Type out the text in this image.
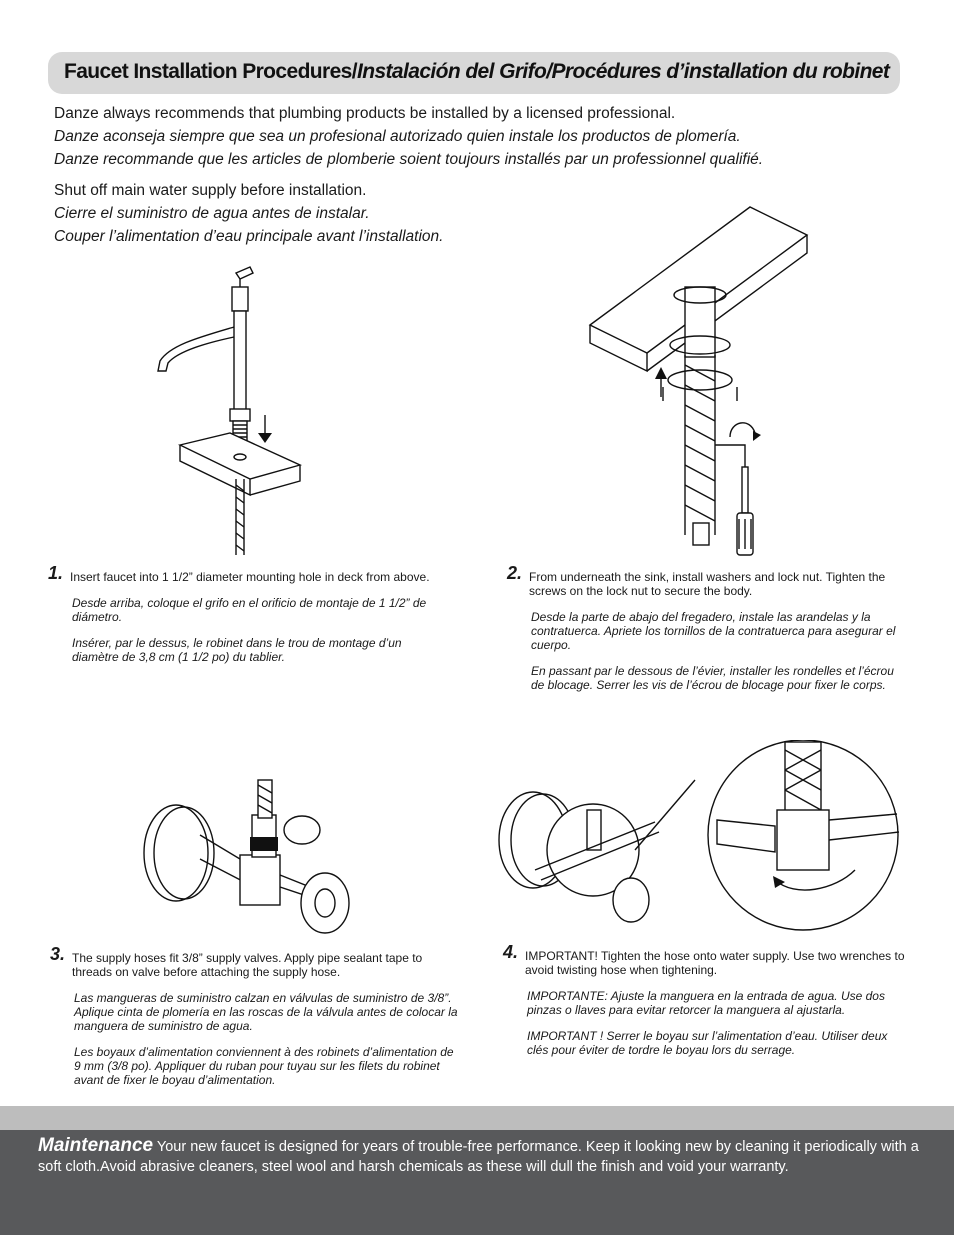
Faucet Installation Procedures/Instalación del Grifo/Procédures d’installation du robinet

Danze always recommends that plumbing products be installed by a licensed professional.

Danze aconseja siempre que sea un profesional autorizado quien instale los productos de plomería.

Danze recommande que les articles de plomberie soient toujours installés par un professionnel qualifié.

Shut off main water supply before installation.

Cierre el suministro de agua antes de instalar.

Couper l’alimentation d’eau principale avant l’installation.

1. Insert faucet into 1 1/2” diameter mounting hole in deck from above.

Desde arriba, coloque el grifo en el orificio de montaje de 1 1/2” de diámetro.

Insérer, par le dessus, le robinet dans le trou de montage d’un diamètre de 3,8 cm (1 1/2 po) du tablier.

2. From underneath the sink, install washers and lock nut. Tighten the screws on the lock nut to secure the body.

Desde la parte de abajo del fregadero, instale las arandelas y la contratuerca. Apriete los tornillos de la contratuerca para asegurar el cuerpo.

En passant par le dessous de l’évier, installer les rondelles et l’écrou de blocage. Serrer les vis de l’écrou de blocage pour fixer le corps.

3. The supply hoses fit 3/8” supply valves. Apply pipe sealant tape to threads on valve before attaching the supply hose.

Las mangueras de suministro calzan en válvulas de suministro de 3/8”. Aplique cinta de plomería en las roscas de la válvula antes de colocar la manguera de suministro de agua.

Les boyaux d’alimentation conviennent à des robinets d’alimentation de 9 mm (3/8 po). Appliquer du ruban pour tuyau sur les filets du robinet avant de fixer le boyau d’alimentation.

4. IMPORTANT! Tighten the hose onto water supply. Use two wrenches to avoid twisting hose when tightening.

IMPORTANTE: Ajuste la manguera en la entrada de agua. Use dos pinzas o llaves para evitar retorcer la manguera al ajustarla.

IMPORTANT ! Serrer le boyau sur l’alimentation d’eau. Utiliser deux clés pour éviter de tordre le boyau lors du serrage.

Maintenance Your new faucet is designed for years of trouble-free performance. Keep it looking new by cleaning it periodically with a soft cloth.Avoid abrasive cleaners, steel wool and harsh chemicals as these will dull the finish and void your warranty.
